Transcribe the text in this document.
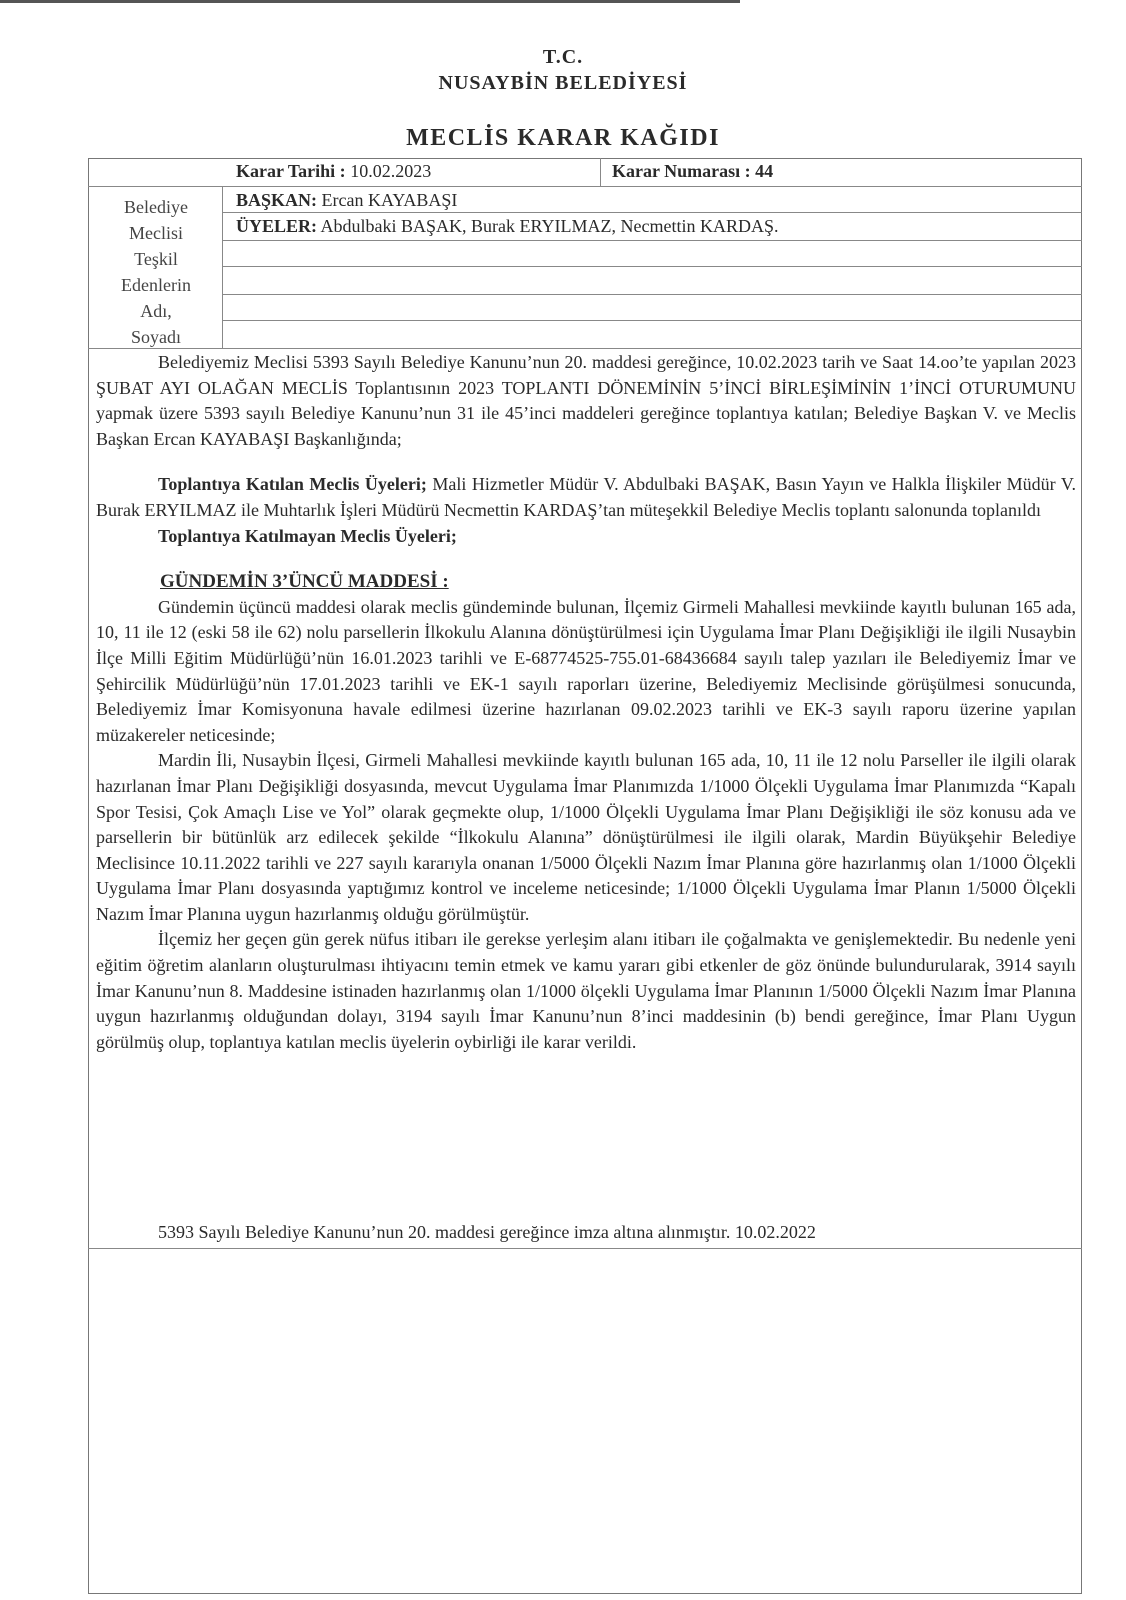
T.C.
NUSAYBİN BELEDİYESİ
MECLİS KARAR KAĞIDI
Karar Tarihi : 10.02.2023	Karar Numarası : 44
Belediye
Meclisi
Teşkil
Edenlerin
Adı,
Soyadı
BAŞKAN: Ercan KAYABAŞI
ÜYELER: Abdulbaki BAŞAK, Burak ERYILMAZ, Necmettin KARDAŞ.

Belediyemiz Meclisi 5393 Sayılı Belediye Kanunu’nun 20. maddesi gereğince, 10.02.2023 tarih ve Saat 14.oo’te yapılan 2023 ŞUBAT AYI OLAĞAN MECLİS Toplantısının 2023 TOPLANTI DÖNEMİNİN 5’İNCİ BİRLEŞİMİNİN 1’İNCİ OTURUMUNU yapmak üzere 5393 sayılı Belediye Kanunu’nun 31 ile 45’inci maddeleri gereğince toplantıya katılan; Belediye Başkan V. ve Meclis Başkan Ercan KAYABAŞI Başkanlığında;

Toplantıya Katılan Meclis Üyeleri; Mali Hizmetler Müdür V. Abdulbaki BAŞAK, Basın Yayın ve Halkla İlişkiler Müdür V. Burak ERYILMAZ ile Muhtarlık İşleri Müdürü Necmettin KARDAŞ’tan müteşekkil Belediye Meclis toplantı salonunda toplanıldı

Toplantıya Katılmayan Meclis Üyeleri;

GÜNDEMİN 3’ÜNCÜ MADDESİ :

Gündemin üçüncü maddesi olarak meclis gündeminde bulunan, İlçemiz Girmeli Mahallesi mevkiinde kayıtlı bulunan 165 ada, 10, 11 ile 12 (eski 58 ile 62) nolu parsellerin İlkokulu Alanına dönüştürülmesi için Uygulama İmar Planı Değişikliği ile ilgili Nusaybin İlçe Milli Eğitim Müdürlüğü’nün 16.01.2023 tarihli ve E-68774525-755.01-68436684 sayılı talep yazıları ile Belediyemiz İmar ve Şehircilik Müdürlüğü’nün 17.01.2023 tarihli ve EK-1 sayılı raporları üzerine, Belediyemiz Meclisinde görüşülmesi sonucunda, Belediyemiz İmar Komisyonuna havale edilmesi üzerine hazırlanan 09.02.2023 tarihli ve EK-3 sayılı raporu üzerine yapılan müzakereler neticesinde;

Mardin İli, Nusaybin İlçesi, Girmeli Mahallesi mevkiinde kayıtlı bulunan 165 ada, 10, 11 ile 12 nolu Parseller ile ilgili olarak hazırlanan İmar Planı Değişikliği dosyasında, mevcut Uygulama İmar Planımızda 1/1000 Ölçekli Uygulama İmar Planımızda “Kapalı Spor Tesisi, Çok Amaçlı Lise ve Yol” olarak geçmekte olup, 1/1000 Ölçekli Uygulama İmar Planı Değişikliği ile söz konusu ada ve parsellerin bir bütünlük arz edilecek şekilde “İlkokulu Alanına” dönüştürülmesi ile ilgili olarak, Mardin Büyükşehir Belediye Meclisince 10.11.2022 tarihli ve 227 sayılı kararıyla onanan 1/5000 Ölçekli Nazım İmar Planına göre hazırlanmış olan 1/1000 Ölçekli Uygulama İmar Planı dosyasında yaptığımız kontrol ve inceleme neticesinde; 1/1000 Ölçekli Uygulama İmar Planın 1/5000 Ölçekli Nazım İmar Planına uygun hazırlanmış olduğu görülmüştür.

İlçemiz her geçen gün gerek nüfus itibarı ile gerekse yerleşim alanı itibarı ile çoğalmakta ve genişlemektedir. Bu nedenle yeni eğitim öğretim alanların oluşturulması ihtiyacını temin etmek ve kamu yararı gibi etkenler de göz önünde bulundurularak, 3914 sayılı İmar Kanunu’nun 8. Maddesine istinaden hazırlanmış olan 1/1000 ölçekli Uygulama İmar Planının 1/5000 Ölçekli Nazım İmar Planına uygun hazırlanmış olduğundan dolayı, 3194 sayılı İmar Kanunu’nun 8’inci maddesinin (b) bendi gereğince, İmar Planı Uygun görülmüş olup, toplantıya katılan meclis üyelerin oybirliği ile karar verildi.

5393 Sayılı Belediye Kanunu’nun 20. maddesi gereğince imza altına alınmıştır. 10.02.2022
